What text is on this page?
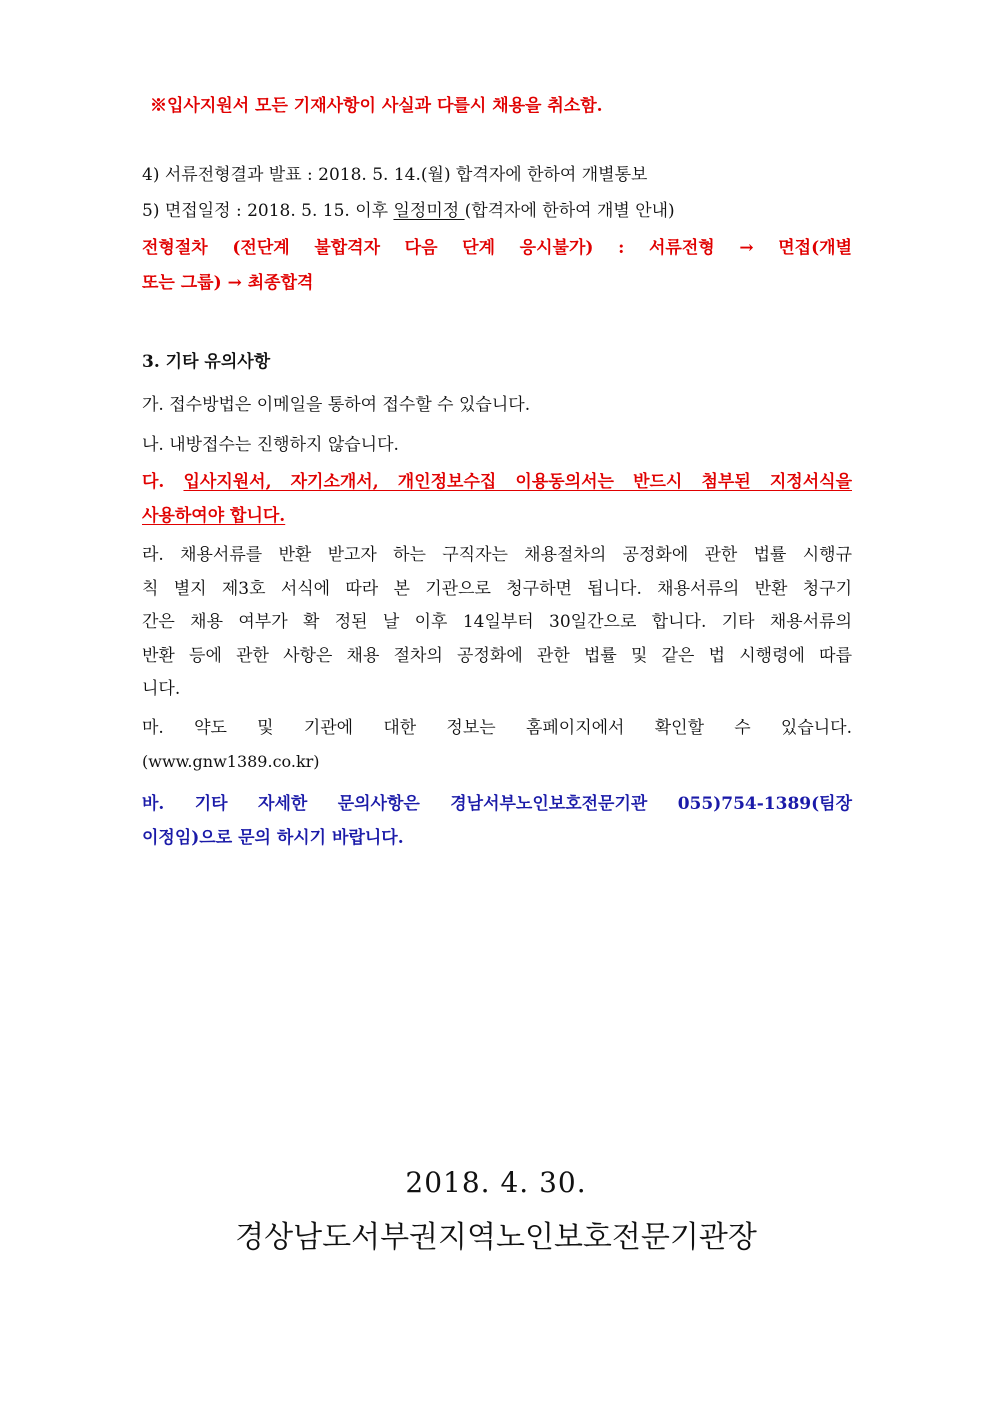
※입사지원서 모든 기재사항이 사실과 다를시 채용을 취소함.
4) 서류전형결과 발표 : 2018. 5. 14.(월) 합격자에 한하여 개별통보
5) 면접일정 : 2018. 5. 15. 이후 일정미정 (합격자에 한하여 개별 안내)
전형절차 (전단계 불합격자 다음 단계 응시불가) : 서류전형 → 면접(개별
또는 그룹) → 최종합격
3. 기타 유의사항
가. 접수방법은 이메일을 통하여 접수할 수 있습니다.
나. 내방접수는 진행하지 않습니다.
다. 입사지원서, 자기소개서, 개인정보수집 이용동의서는 반드시 첨부된 지정서식을
사용하여야 합니다.
라. 채용서류를 반환 받고자 하는 구직자는 채용절차의 공정화에 관한 법률 시행규
칙 별지 제3호 서식에 따라 본 기관으로 청구하면 됩니다. 채용서류의 반환 청구기
간은 채용 여부가 확 정된 날 이후 14일부터 30일간으로 합니다. 기타 채용서류의
반환 등에 관한 사항은 채용 절차의 공정화에 관한 법률 및 같은 법 시행령에 따릅
니다.
마. 약도 및 기관에 대한 정보는 홈페이지에서 확인할 수 있습니다.
(www.gnw1389.co.kr)
바. 기타 자세한 문의사항은 경남서부노인보호전문기관 055)754-1389(팀장
이정임)으로 문의 하시기 바랍니다.
2018. 4. 30.
경상남도서부권지역노인보호전문기관장
